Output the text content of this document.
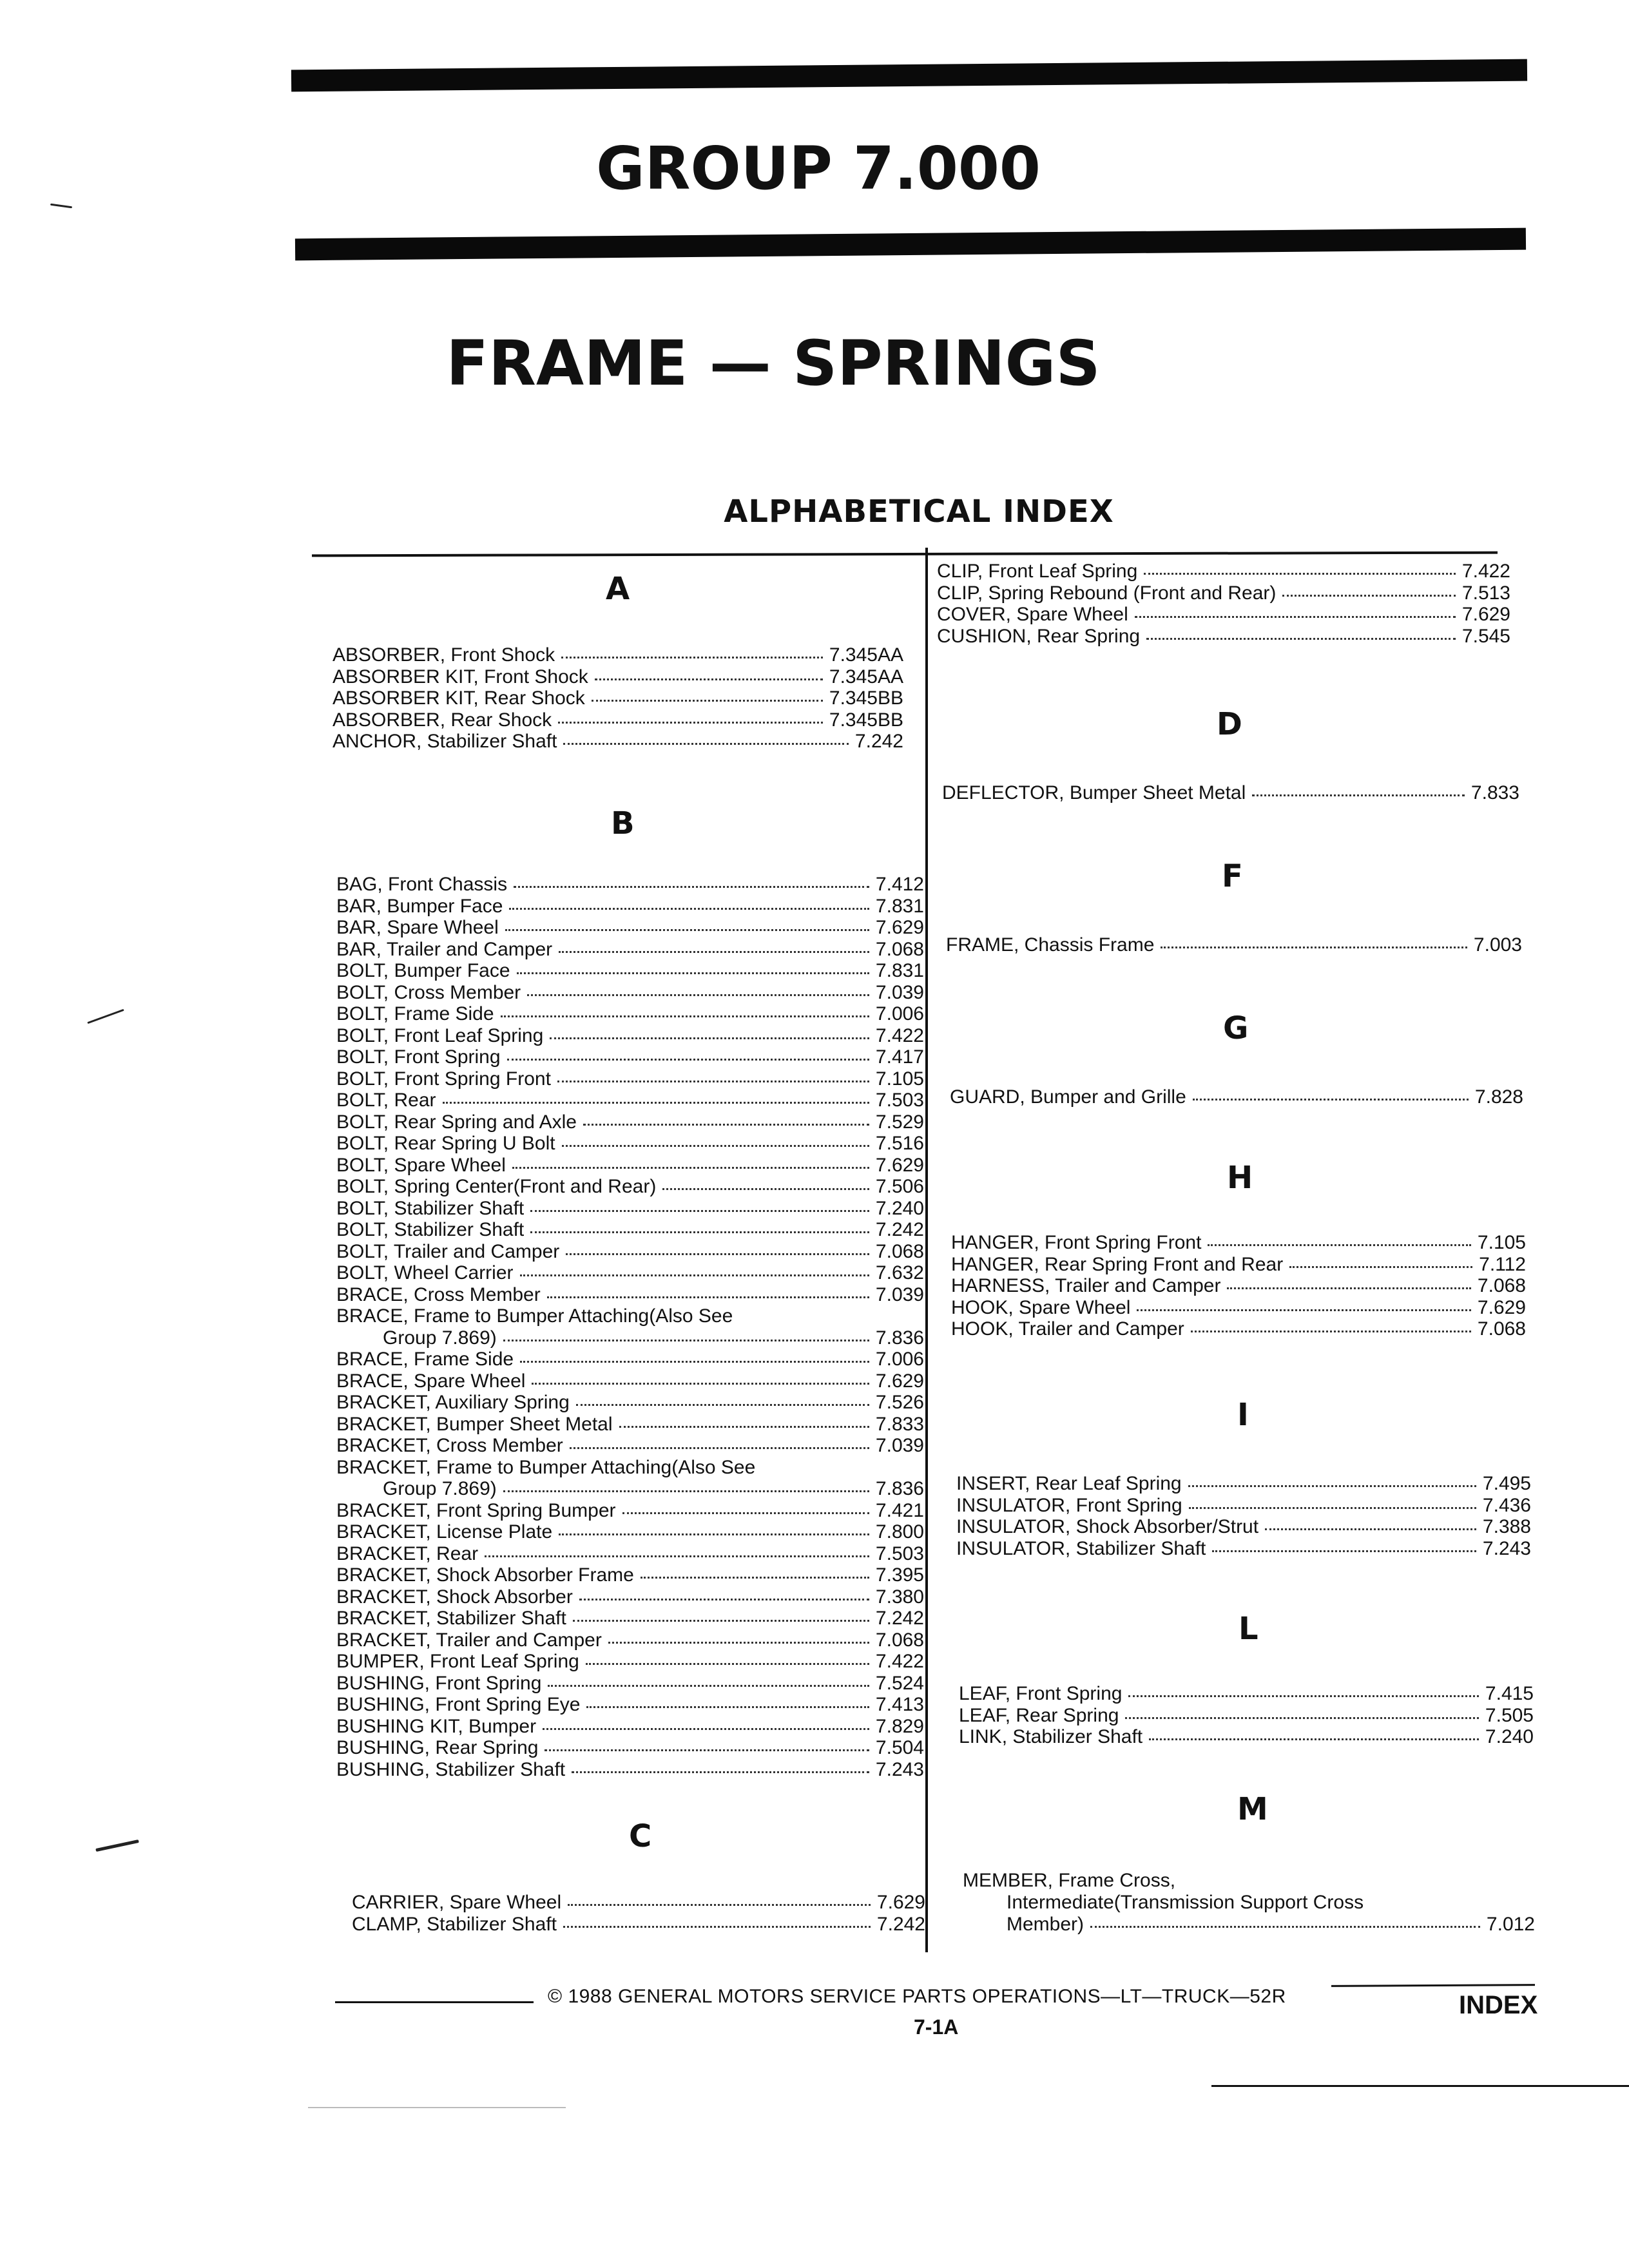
GROUP 7.000
FRAME — SPRINGS
ALPHABETICAL INDEX
A
ABSORBER, Front Shock	7.345AA
ABSORBER KIT, Front Shock	7.345AA
ABSORBER KIT, Rear Shock	7.345BB
ABSORBER, Rear Shock	7.345BB
ANCHOR, Stabilizer Shaft	7.242
B
BAG, Front Chassis	7.412
BAR, Bumper Face	7.831
BAR, Spare Wheel	7.629
BAR, Trailer and Camper	7.068
BOLT, Bumper Face	7.831
BOLT, Cross Member	7.039
BOLT, Frame Side	7.006
BOLT, Front Leaf Spring	7.422
BOLT, Front Spring	7.417
BOLT, Front Spring Front	7.105
BOLT, Rear	7.503
BOLT, Rear Spring and Axle	7.529
BOLT, Rear Spring U Bolt	7.516
BOLT, Spare Wheel	7.629
BOLT, Spring Center(Front and Rear)	7.506
BOLT, Stabilizer Shaft	7.240
BOLT, Stabilizer Shaft	7.242
BOLT, Trailer and Camper	7.068
BOLT, Wheel Carrier	7.632
BRACE, Cross Member	7.039
BRACE, Frame to Bumper Attaching(Also See
Group 7.869)	7.836
BRACE, Frame Side	7.006
BRACE, Spare Wheel	7.629
BRACKET, Auxiliary Spring	7.526
BRACKET, Bumper Sheet Metal	7.833
BRACKET, Cross Member	7.039
BRACKET, Frame to Bumper Attaching(Also See
Group 7.869)	7.836
BRACKET, Front Spring Bumper	7.421
BRACKET, License Plate	7.800
BRACKET, Rear	7.503
BRACKET, Shock Absorber Frame	7.395
BRACKET, Shock Absorber	7.380
BRACKET, Stabilizer Shaft	7.242
BRACKET, Trailer and Camper	7.068
BUMPER, Front Leaf Spring	7.422
BUSHING, Front Spring	7.524
BUSHING, Front Spring Eye	7.413
BUSHING KIT, Bumper	7.829
BUSHING, Rear Spring	7.504
BUSHING, Stabilizer Shaft	7.243
C
CARRIER, Spare Wheel	7.629
CLAMP, Stabilizer Shaft	7.242
CLIP, Front Leaf Spring	7.422
CLIP, Spring Rebound (Front and Rear)	7.513
COVER, Spare Wheel	7.629
CUSHION, Rear Spring	7.545
D
DEFLECTOR, Bumper Sheet Metal	7.833
F
FRAME, Chassis Frame	7.003
G
GUARD, Bumper and Grille	7.828
H
HANGER, Front Spring Front	7.105
HANGER, Rear Spring Front and Rear	7.112
HARNESS, Trailer and Camper	7.068
HOOK, Spare Wheel	7.629
HOOK, Trailer and Camper	7.068
I
INSERT, Rear Leaf Spring	7.495
INSULATOR, Front Spring	7.436
INSULATOR, Shock Absorber/Strut	7.388
INSULATOR, Stabilizer Shaft	7.243
L
LEAF, Front Spring	7.415
LEAF, Rear Spring	7.505
LINK, Stabilizer Shaft	7.240
M
MEMBER, Frame Cross,
Intermediate(Transmission Support Cross
Member)	7.012
© 1988 GENERAL MOTORS SERVICE PARTS OPERATIONS—LT—TRUCK—52R
7-1A
INDEX
